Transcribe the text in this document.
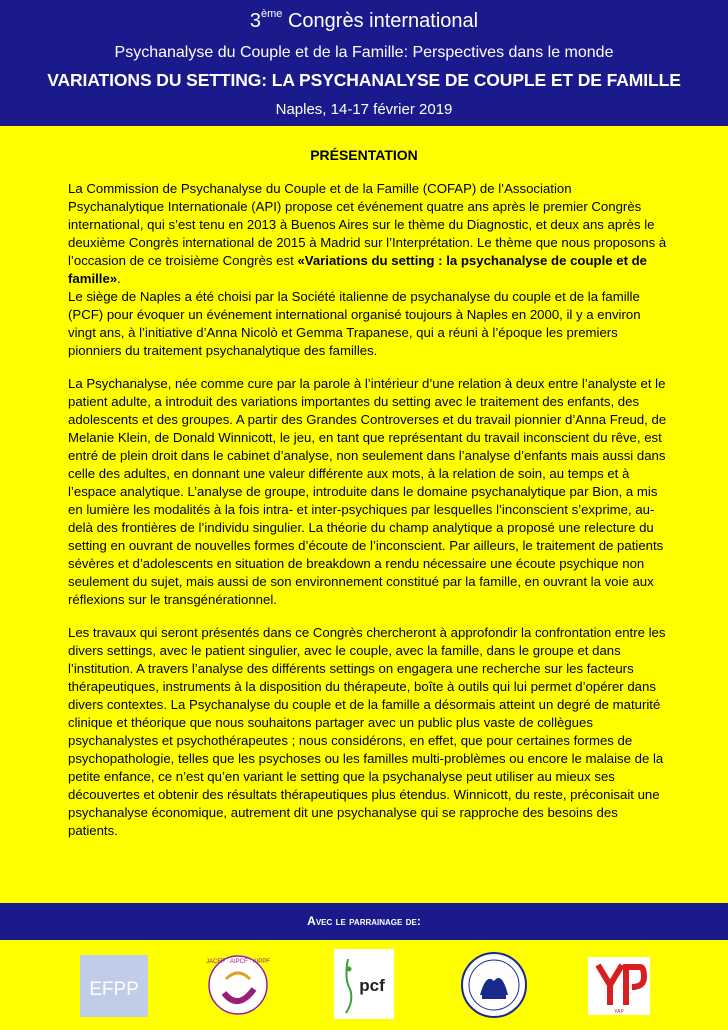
3ème Congrès international
Psychanalyse du Couple et de la Famille: Perspectives dans le monde
VARIATIONS DU SETTING: LA PSYCHANALYSE DE COUPLE ET DE FAMILLE
Naples, 14-17 février 2019
PRÉSENTATION

La Commission de Psychanalyse du Couple et de la Famille (COFAP) de l’Association Psychanalytique Internationale (API) propose cet événement quatre ans après le premier Congrès international, qui s’est tenu en 2013 à Buenos Aires sur le thème du Diagnostic, et deux ans après le deuxième Congrès international de 2015 à Madrid sur l’Interprétation. Le thème que nous proposons à l’occasion de ce troisième Congrès est «Variations du setting : la psychanalyse de couple et de famille».
Le siège de Naples a été choisi par la Société italienne de psychanalyse du couple et de la famille (PCF) pour évoquer un événement international organisé toujours à Naples en 2000, il y a environ vingt ans, à l’initiative d’Anna Nicolò et Gemma Trapanese, qui a réuni à l’époque les premiers pionniers du traitement psychanalytique des familles.

La Psychanalyse, née comme cure par la parole à l’intérieur d’une relation à deux entre l’analyste et le patient adulte, a introduit des variations importantes du setting avec le traitement des enfants, des adolescents et des groupes. A partir des Grandes Controverses et du travail pionnier d’Anna Freud, de Melanie Klein, de Donald Winnicott, le jeu, en tant que représentant du travail inconscient du rêve, est entré de plein droit dans le cabinet d’analyse, non seulement dans l’analyse d’enfants mais aussi dans celle des adultes, en donnant une valeur différente aux mots, à la relation de soin, au temps et à l’espace analytique. L’analyse de groupe, introduite dans le domaine psychanalytique par Bion, a mis en lumière les modalités à la fois intra- et inter-psychiques par lesquelles l’inconscient s’exprime, au-delà des frontières de l’individu singulier. La théorie du champ analytique a proposé une relecture du setting en ouvrant de nouvelles formes d’écoute de l’inconscient. Par ailleurs, le traitement de patients sévères et d’adolescents en situation de breakdown a rendu nécessaire une écoute psychique non seulement du sujet, mais aussi de son environnement constitué par la famille, en ouvrant la voie aux réflexions sur le transgénérationnel.

Les travaux qui seront présentés dans ce Congrès chercheront à approfondir la confrontation entre les divers settings, avec le patient singulier, avec le couple, avec la famille, dans le groupe et dans l’institution. A travers l’analyse des différents settings on engagera une recherche sur les facteurs thérapeutiques, instruments à la disposition du thérapeute, boîte à outils qui lui permet d’opérer dans divers contextes. La Psychanalyse du couple et de la famille a désormais atteint un degré de maturité clinique et théorique que nous souhaitons partager avec un public plus vaste de collègues psychanalystes et psychothérapeutes ; nous considérons, en effet, que pour certaines formes de psychopathologie, telles que les psychoses ou les familles multi-problèmes ou encore le malaise de la petite enfance, ce n’est qu’en variant le setting que la psychanalyse peut utiliser au mieux ses découvertes et obtenir des résultats thérapeutiques plus étendus. Winnicott, du reste, préconisait une psychanalyse économique, autrement dit une psychanalyse qui se rapproche des besoins des patients.

Avec le parrainage de:
EFPP
JACFP · AIPCF · AIPPF
pcf
YAP
